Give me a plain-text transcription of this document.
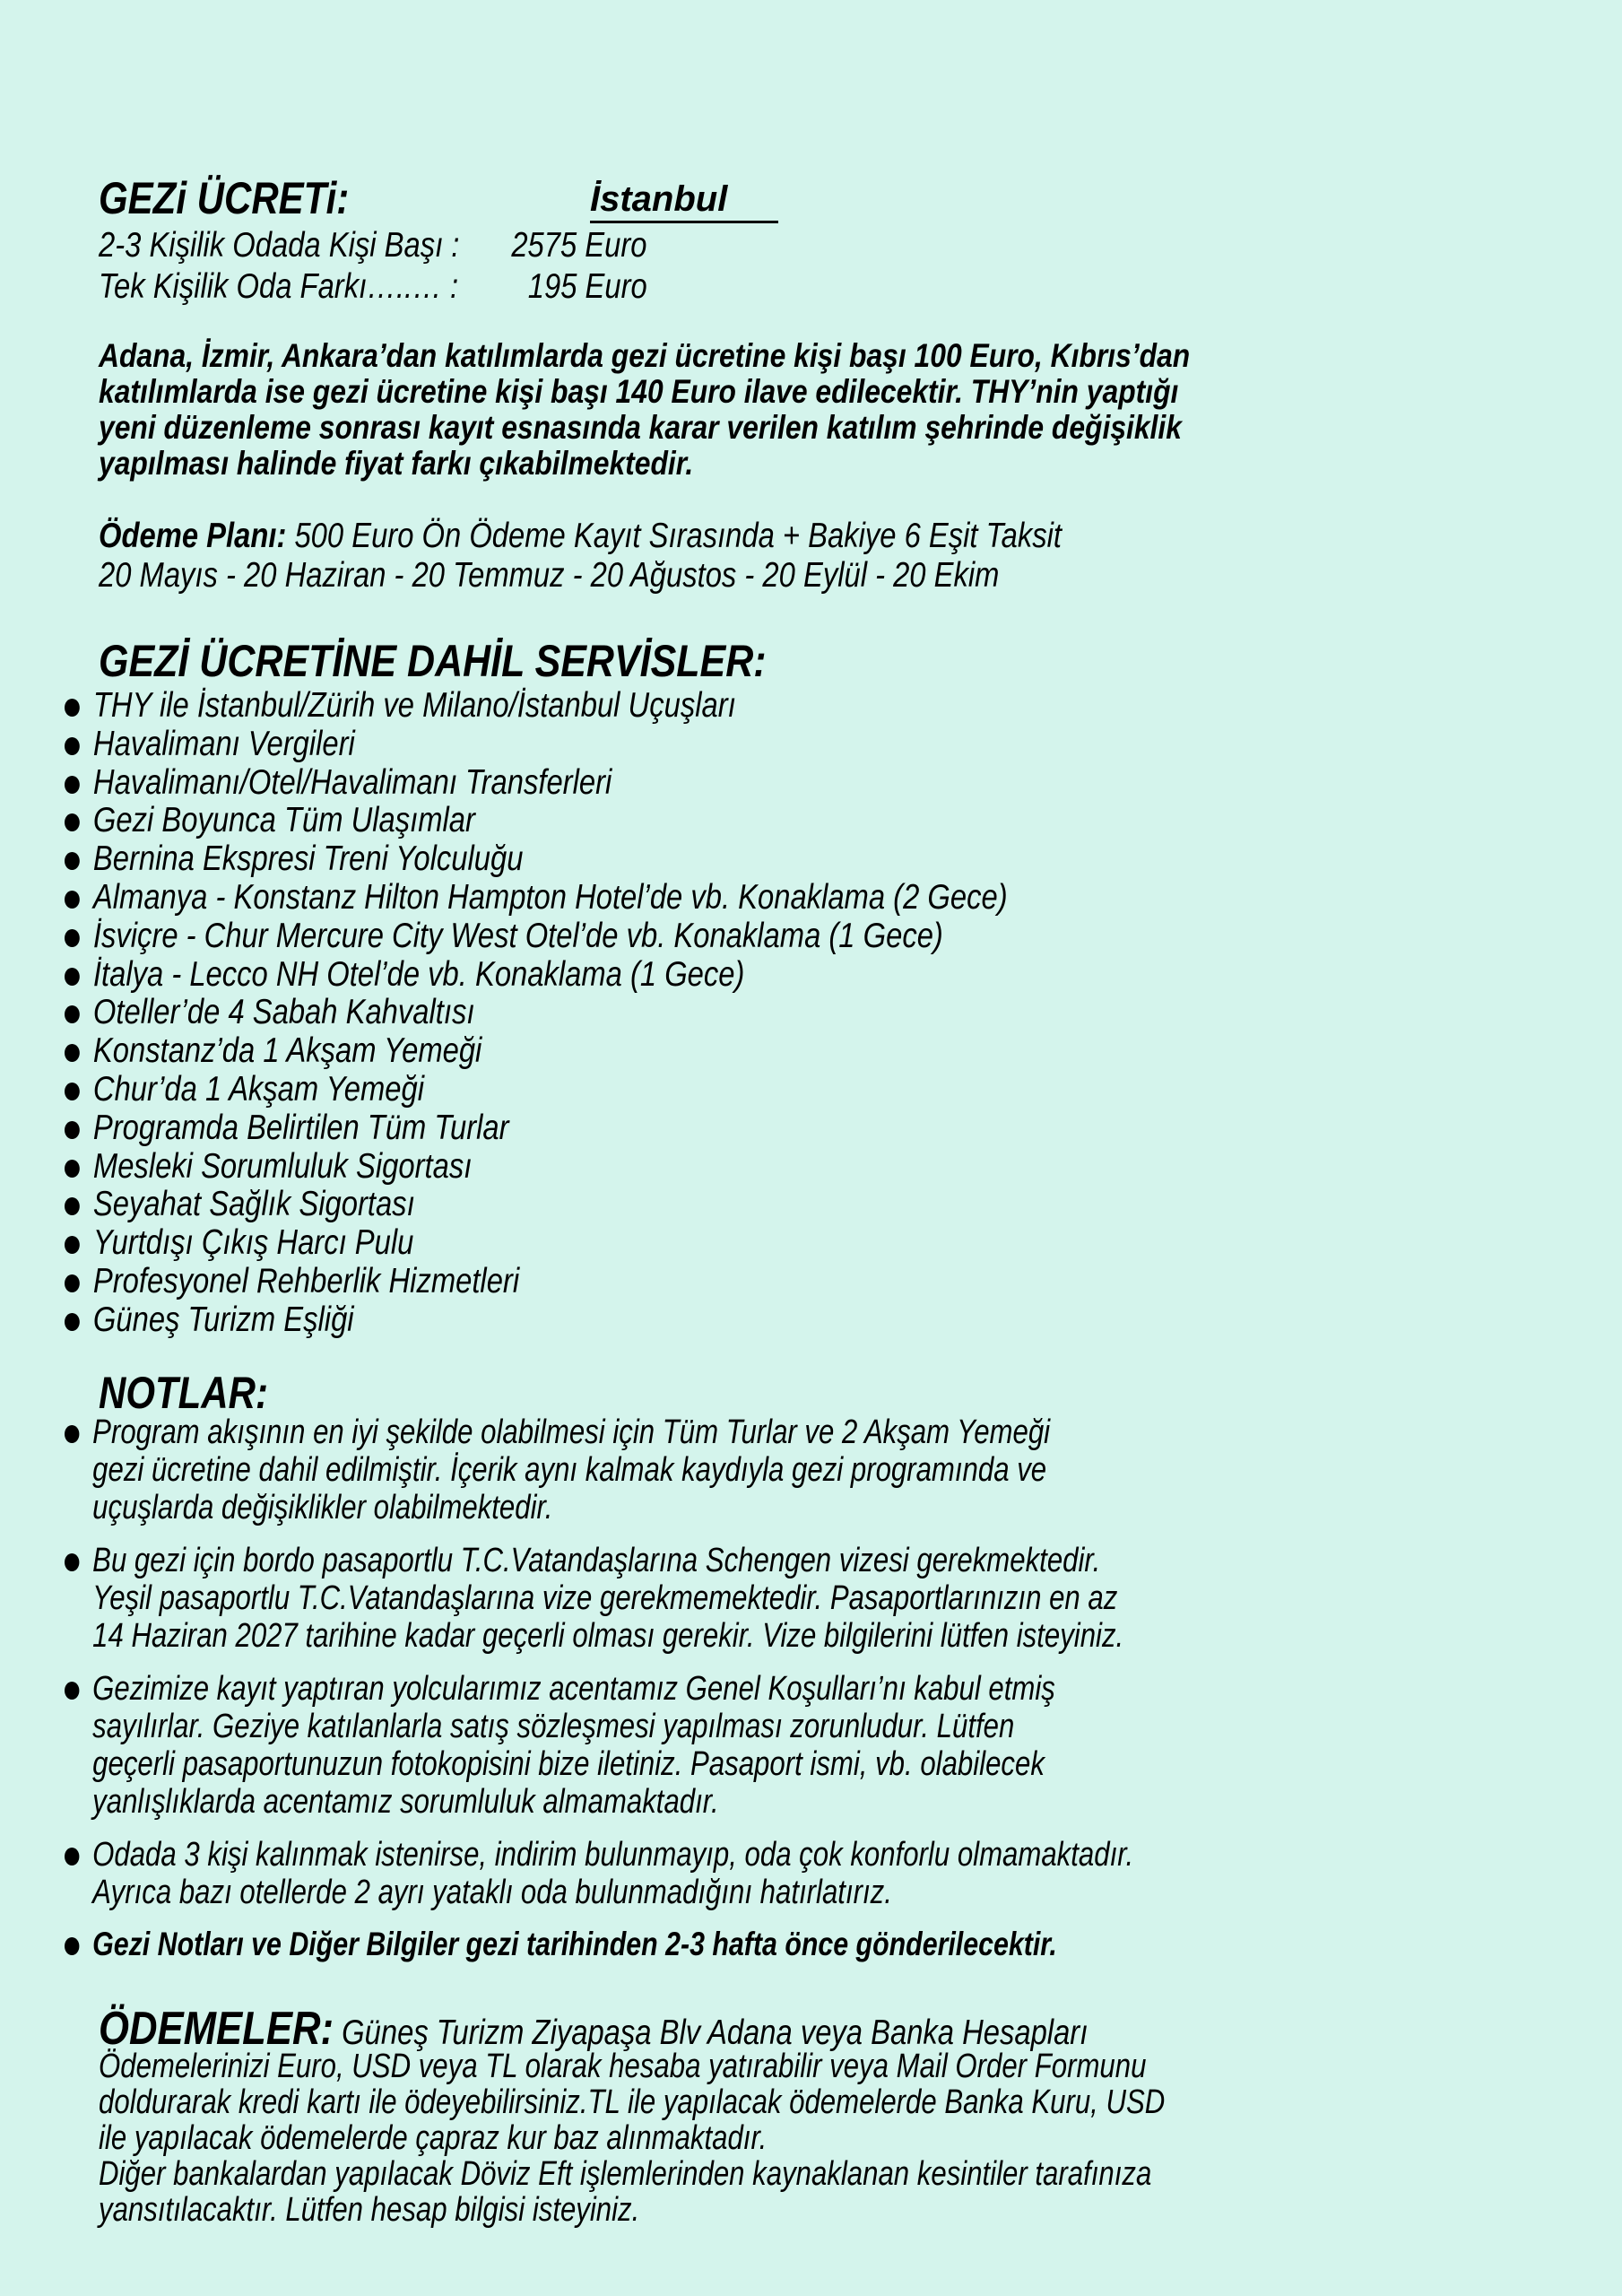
GEZi ÜCRETi:	İstanbul
2-3 Kişilik Odada Kişi Başı : 2575 Euro
Tek Kişilik Oda Farkı…..… : 195 Euro
Adana, İzmir, Ankara’dan katılımlarda gezi ücretine kişi başı 100 Euro, Kıbrıs’dan
katılımlarda ise gezi ücretine kişi başı 140 Euro ilave edilecektir. THY’nin yaptığı
yeni düzenleme sonrası kayıt esnasında karar verilen katılım şehrinde değişiklik
yapılması halinde fiyat farkı çıkabilmektedir.
Ödeme Planı: 500 Euro Ön Ödeme Kayıt Sırasında + Bakiye 6 Eşit Taksit
20 Mayıs - 20 Haziran - 20 Temmuz - 20 Ağustos - 20 Eylül - 20 Ekim
GEZİ ÜCRETİNE DAHİL SERVİSLER:
THY ile İstanbul/Zürih ve Milano/İstanbul Uçuşları
Havalimanı Vergileri
Havalimanı/Otel/Havalimanı Transferleri
Gezi Boyunca Tüm Ulaşımlar
Bernina Ekspresi Treni Yolculuğu
Almanya - Konstanz Hilton Hampton Hotel’de vb. Konaklama (2 Gece)
İsviçre - Chur Mercure City West Otel’de vb. Konaklama (1 Gece)
İtalya - Lecco NH Otel’de vb. Konaklama (1 Gece)
Oteller’de 4 Sabah Kahvaltısı
Konstanz’da 1 Akşam Yemeği
Chur’da 1 Akşam Yemeği
Programda Belirtilen Tüm Turlar
Mesleki Sorumluluk Sigortası
Seyahat Sağlık Sigortası
Yurtdışı Çıkış Harcı Pulu
Profesyonel Rehberlik Hizmetleri
Güneş Turizm Eşliği
NOTLAR:
Program akışının en iyi şekilde olabilmesi için Tüm Turlar ve 2 Akşam Yemeği
gezi ücretine dahil edilmiştir. İçerik aynı kalmak kaydıyla gezi programında ve
uçuşlarda değişiklikler olabilmektedir.
Bu gezi için bordo pasaportlu T.C.Vatandaşlarına Schengen vizesi gerekmektedir.
Yeşil pasaportlu T.C.Vatandaşlarına vize gerekmemektedir. Pasaportlarınızın en az
14 Haziran 2027 tarihine kadar geçerli olması gerekir. Vize bilgilerini lütfen isteyiniz.
Gezimize kayıt yaptıran yolcularımız acentamız Genel Koşulları’nı kabul etmiş
sayılırlar. Geziye katılanlarla satış sözleşmesi yapılması zorunludur. Lütfen
geçerli pasaportunuzun fotokopisini bize iletiniz. Pasaport ismi, vb. olabilecek
yanlışlıklarda acentamız sorumluluk almamaktadır.
Odada 3 kişi kalınmak istenirse, indirim bulunmayıp, oda çok konforlu olmamaktadır.
Ayrıca bazı otellerde 2 ayrı yataklı oda bulunmadığını hatırlatırız.
Gezi Notları ve Diğer Bilgiler gezi tarihinden 2-3 hafta önce gönderilecektir.
ÖDEMELER: Güneş Turizm Ziyapaşa Blv Adana veya Banka Hesapları
Ödemelerinizi Euro, USD veya TL olarak hesaba yatırabilir veya Mail Order Formunu
doldurarak kredi kartı ile ödeyebilirsiniz.TL ile yapılacak ödemelerde Banka Kuru, USD
ile yapılacak ödemelerde çapraz kur baz alınmaktadır.
Diğer bankalardan yapılacak Döviz Eft işlemlerinden kaynaklanan kesintiler tarafınıza
yansıtılacaktır. Lütfen hesap bilgisi isteyiniz.
